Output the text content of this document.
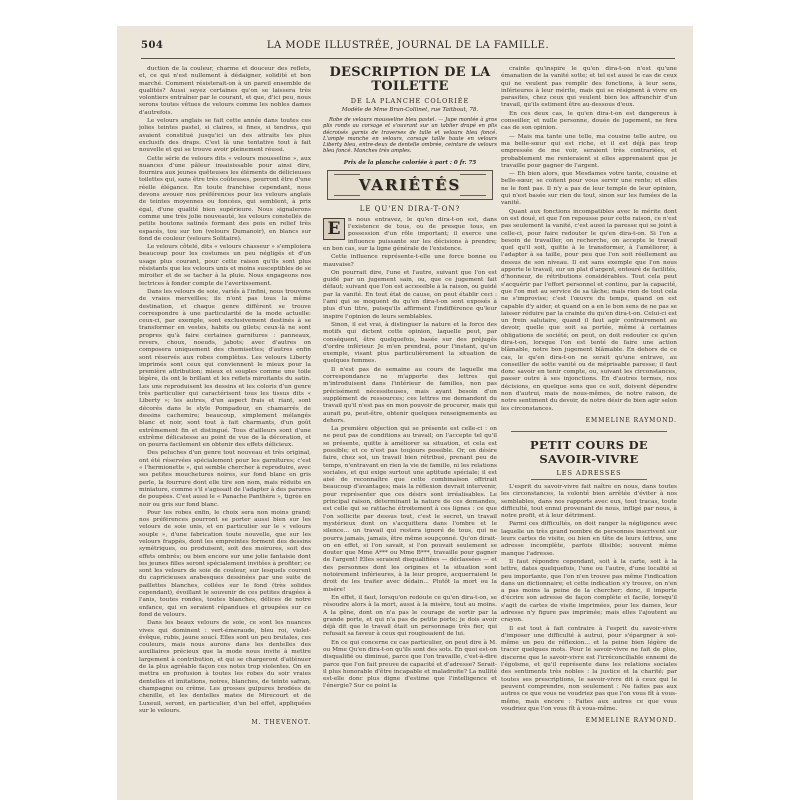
504	LA MODE ILLUSTRÉE, JOURNAL DE LA FAMILLE.

duction de la couleur, charme et douceur des reflets, et, ce qui n'est nullement à dédaigner, solidité et bon marché. Comment résisterait-on à un pareil ensemble de qualités? Aussi seyez certaines qu'on se laissera très volontiers entraîner par le courant, et que, d'ici peu, nous serons toutes vêtues de velours comme les nobles dames d'autrefois.

Le velours anglais se fait cette année dans toutes ces jolies teintes pastel, si claires, si fines, si tendres, qui avaient constitué jusqu'ici un des attraits les plus exclusifs des draps. C'est là une tentative tout à fait nouvelle et qui se trouve avoir pleinement réussi.

Cette série de velours dits « velours mousseline », aux nuances d'une pâleur insaisissable pour ainsi dire, fournira aux jeunes quêteuses les éléments de délicieuses toilettes qui, sans être très coûteuses, pourront être d'une réelle élégance. En toute franchise cependant, nous devons avouer nos préférences pour les velours anglais de teintes moyennes ou foncées, qui semblent, à prix égal, d'une qualité bien supérieure. Nous signalerons comme une très jolie nouveauté, les velours constellés de petits boutons satinés formant des pois en relief très espacés, tou sur ton (velours Dumanoir), en blancs sur fond de couleur (velours Solitaire).

Le velours côtelé, dits « velours chasseur » s'emploiera beaucoup pour les costumes un peu négligés et d'un usage plus courant, pour cette raison qu'ils sont plus résistants que les velours unis et moins susceptibles de se miroiter et de se tacher à la pluie. Nous engageons nos lectrices à fonder compte de l'avertissement.

Dans les velours de soie, variés à l'infini, nous trouvons de vraies merveilles; ils n'ont pas tous la même destination, et chaque genre différent se trouve correspondre à une particularité de la mode actuelle: ceux-ci, par exemple, sont exclusivement destinés à se transformer en vestes, habits ou gilets; ceux-là ne sont propres qu'à faire certaines garnitures : panneaux, revers, choux, noeuds, jabots; avec d'autres on composera uniquement des chemisettes; d'autres enfin sont réservés aux robes complètes. Les velours Liberty imprimés sont ceux qui conviennent le mieux pour la première attribution; mieux et souples comme une toile légère, ils ont le brillant et les reflets miroitants du satin. Les uns reproduisent les dessins et les coloris d'un genre très particulier qui caractérisent tous les tissus dits « Liberty »; les autres, d'un aspect frais et riant, sont décorés dans le style Pompadour, en chamarrés de dessins cachemire; beaucoup, simplement mélangés blanc et noir, sont tout à fait charmants, d'un goût extrêmement fin et distingué. Tous d'ailleurs sont d'une extrême délicatesse au point de vue de la décoration, et on pourra facilement en obtenir des effets délicieux.

Des peluches d'un genre tout nouveau et très original, ont été réservées spécialement pour les garnitures; c'est « l'hermionette », qui semble chercher à reproduire, avec ses petites mouchetures noires, sur fond blanc en gris perle, la fourrure dont elle tire son nom, mais réduite en miniature, comme s'il s'agissait de l'adapter à des parures de poupées. C'est aussi le « Panache Panthère », tigrée en noir ou gris sur fond blanc.

Pour les robes enfin, le choix sera non moins grand; nos préférences pourront se porter aussi bien sur les velours de soie unis, et en particulier sur le « velours souple », d'une fabrication toute nouvelle, que sur les velours frappés, dont les empreintes forment des dessins symétriques, ou produisent, soit des moirures, soit des effets ombrés; ou bien encore sur une jolie fantaisie dont les jeunes filles seront spécialement invitées à profiter; ce sont les velours de soie de couleur, sur lesquels courent du capricieuses arabesques dessinées par une suite de paillettes blanches, collées sur le fond (très solides cependant), évoillant le souvenir de ces petites dragées à l'anis, toutes rondes, toutes blanches, délices de notre enfance, qui en seraient répandues et groupées sur ce fond de velours.

Dans les beaux velours de soie, ce sont les nuances vives qui dominent : vert-émeraude, bleu roi, violet-évêque, rubis, jaune soucí. Elles sont un peu brutales, ces couleurs, mais nous aurons dans les dentelles des auxiliaires précieux que la mode nous invite à mettre largement à contribution, et qui se chargeront d'atténuer de la plus agréable façon ces notes trop violentes. On en mettra en profusion à toutes les robes du soir vraies dentelles et imitations, noires, blanches, de teinte safran, champagne ou crème. Les grosses guipures brodées de chenille, et les dentelles mates de Mirecourt et de Luxeuil, seront, en particulier, d'un bel effet, appliquées sur le velours.

M. THEVENOT.
DESCRIPTION DE LA TOILETTE
DE LA PLANCHE COLORIÉE
Modèle de Mme Brun-Collinet, rue Taitbout, 78.

Robe de velours mousseline bleu pastel. — Jupe montée à gros plis ronds au corsage et s'ouvrant sur un tablier drapé en plis décroisés garnis de traverses de tulle et velours bleu foncé. L'ample manche en velours, corsage taille haute en velours Liberty bleu, entre-deux de dentelle ombrée, ceinture de velours bleu foncé. Manches très amples.

Prix de la planche coloriée à part : 0 fr. 75
VARIÉTÉS
LE QU'EN DIRA-T-ON?
E	n nous entravez, le qu'en dira-t-on est, dans l'existence de tous, ou de presque tous, en possession d'un rôle important; il exerce une influence puissante sur les décisions à prendre; en bon cas, sur la ligne générale de l'existence.

Cette influence représente-t-elle une force bonne ou mauvaise?

On pourrait dire, l'une et l'autre, suivant que l'on est guidé par un jugement sain, ou, que ce jugement fait défaut; suivant que l'on est accessible à la raison, ou guidé par la vanité. En tout état de cause, on peut établir ceci : l'ami qui se moquent du qu'en dira-t-on sont exposés à plus d'un titre, puisqu'ils affirment l'indifférence qu'leur inspire l'opinion de leurs semblables.

Sinon, il est vrai, à distinguer la nature et la force des motifs qui dictent cette opinion, laquelle peut, par conséquent, être quelquefois, basée sur des préjugés d'ordre inférieur. Je m'en prendrai, pour l'instant, qu'un exemple, visant plus particulièrement la situation de quelques femmes.

Il n'est pas de semaine au cours de laquelle ma correspondance ne m'apporte des lettres qui m'introduisent dans l'intérieur de familles, non pas précisément nécessiteuses, mais ayant besoin d'un supplément de ressources; ces lettres me demandent du travail qu'il n'est pas en mon pouvoir de procurer, mais qui aurait pu, peut-être, obtenir quelques renseignements au dehors.

La première objection qui se présente est celle-ci : on ne peut pas de conditions au travail; on l'accepte tel qu'il se présente, quitte à améliorer sa situation, et cela est possible; et ce n'est pas toujours possible. Or, on désire faire, chez soi, un travail bien rétribué, prenant peu de temps, n'entravant en rien la vie de famille, ni les relations sociales, et qui exige surtout une aptitude spéciale; il est aisé de reconnaître que cette combinaison offrirait beaucoup d'avantages; mais la réflexion devrait intervenir, pour représenter que ces désirs sont irréalisables. Le principal raison, déterminant la nature de ces demandes, est celle qui se rattache étroitement à ces lignes : ce que l'on sollicite par dessus tout, c'est le secret, un travail mystérieux dont on s'acquittera dans l'ombre et le silence... un travail qui restera ignoré de tous, qui ne pourra jamais, jamais, être même soupçonné. Qu'on dirait-on en effet, si l'on savait, si l'on pouvait seulement se douter que Mme A*** ou Mme B***, travaille pour gagner de l'argent! Elles seraient disqualifiées — déclassées — et des personnes dont les origines et la situation sont notoirement inférieures, à la leur propre, acquerraient le droit de les traiter avec dédain... Plutôt la mort ou la misère!

En effet, il faut, lorsqu'on redoute ce qu'en dira-t-on, se résoudre alors à la mort, aussi à la misère, tout au moins. A la gêne, dont on n'a pas le courage de sortir par la grande porte, et qui n'a pas de petite porte; je dois avoir déjà dit que le travail était un personnage très fier, qui refusait sa faveur à ceux qui rougissaient de lui.

En ce qui concerne ce cas particulier, on peut dire à M. ou Mme Qu'en dira-t-on qu'ils sont des sots. En quoi est-on disqualifié ou diminué, parce que l'on travaille, c'est-à-dire parce que l'on fait preuve de capacité et d'adresse? Serait-il plus honorable d'être incapable et maladroite? La nullité est-elle donc plus digne d'estime que l'intelligence et l'énergie? Sur ce point la

crainte qu'inspire le qu'en dira-t-on n'est qu'une émanation de la vanité sotte; et tel est aussi le cas de ceux qui ne veulent pas remplir des fonctions, à leur sens, inférieures à leur mérite, mais qui se résignent à vivre en parasites, chez ceux qui veulent bien les affranchir d'un travail, qu'ils estiment être au-dessous d'eux.

En ces deux cas, le qu'en dira-t-on est dangereux à conseiller, et nulle personne, douée de jugement, ne fera cas de son opinion.

— Mais ma tante une telle, ma cousine telle autre, ou ma belle-sœur qui est riche, et il est déjà pas trop empressée de me voir, seraient très contrariées, et probablement me renieraient si elles apprenaient que je travaille pour gagner de l'argent.

— Eh bien alors, que Mesdames votre tante, cousine et belle-sœur, se coitent pour vous servir une rente; et elles ne le font pas. Il n'y a pas de leur temple de leur opinion, qui n'est basée sur rien du tout, sinon sur les fumées de la vanité.

Quant aux fonctions incompatibles avec le mérite dont on est doué, et que l'on repousse pour cette raison, ce n'est pas seulement la vanité, c'est aussi la paresse qui se joint à celle-ci, pour faire redouter le qu'en dira-t-on. Si l'on a besoin de travailler, on recherche, on accepte le travail quel qu'il soit, quitte à le transformer, à l'améliorer, à l'adapter à sa taille, pour peu que l'on soit réellement au dessus de son niveau. Il est sans exemple que l'on nous apporte le travail, sur un plat d'argent, entouré de facilités, d'honneur, de rétributions considérables. Tout cela peut s'acquérir par l'effort personnel et continu, par la capacité, que l'on met au service de sa tâche; mais rien de tout cela ne s'improvise; c'est l'œuvre du temps, quand on est capable d'y aider, et quand on a en le bon sens de ne pas se laisser réduire par la crainte du qu'en dira-t-on. Celui-ci est un frein salutaire, quand il faut agir contrairement au devoir, quelle que soit sa portée, même à certaines obligations de société; on peut, on doit redouter ce qu'en dira-t-on, lorsque l'on est tenté de faire une action blâmable, notre bon jugement blâmable. En dehors de ce cas, le qu'en dira-t-on ne serait qu'une entrave, au conseiller de sotte vanité ou de méprisable paresse; il faut donc savoir en tenir compte, ou, suivant les circonstances, passer outre à ses injonctions. En d'autres termes, nos décisions, en quelque sens que ce soit, doivent dépendre non d'autrui, mais de nous-mêmes, de notre raison, de notre sentiment du devoir, de notre désir de bien agir selon les circonstances.

EMMELINE RAYMOND.
PETIT COURS DE SAVOIR-VIVRE
LES ADRESSES

L'esprit du savoir-vivre fait naître en nous, dans toutes les circonstances, la volonté bien arrêtée d'éviter à nos semblables, dans nos rapports avec eux, tout tracas, toute difficulté, tout ennui provenant de nous, infligé par nous, à notre profit, et à leur détriment.

Parmi ces difficultés, on doit ranger la négligence avec laquelle un très grand nombre de personnes inscrivent sur leurs cartes de visite, ou bien en tête de leurs lettres, une adresse incomplète, parfois illisible; souvent même manque l'adresse.

Il faut répondre cependant, soit à la carte, soit à la lettre, dates quelquefois, l'une ou l'autre, d'une localité si peu importante, que l'on n'en trouve pas même l'indication dans un dictionnaire; et cette indication s'y trouve, on n'en a pas moins la peine de la chercher; donc, il importe d'écrire son adresse de façon complète et facile, lorsqu'il s'agit de cartes de visite imprimées, pour les dames, leur adresse n'y figure pas imprimée; mais elles l'ajoutent au crayon.

Il est tout à fait contraire à l'esprit du savoir-vivre d'imposer une difficulté à autrui, pour s'épargner à soi-même un peu de réflexion... et la peine bien légère de tracer quelques mots. Pour le savoir-vivre ne fait de plus, discerne que le savoir-vivre est l'irréconciliable ennemi de l'égoïsme, et qu'il représente dans les relations sociales des sentiments très nobles : la justice et la charité; par toutes ses prescriptions, le savoir-vivre dit à ceux qui le peuvent comprendre, non seulement : Ne faites pas aux autres ce que vous ne voudriez pas que l'on vous fît à vous-même, mais encore : Faites aux autres ce que vous voudriez que l'on vous fît à vous-même.

EMMELINE RAYMOND.
